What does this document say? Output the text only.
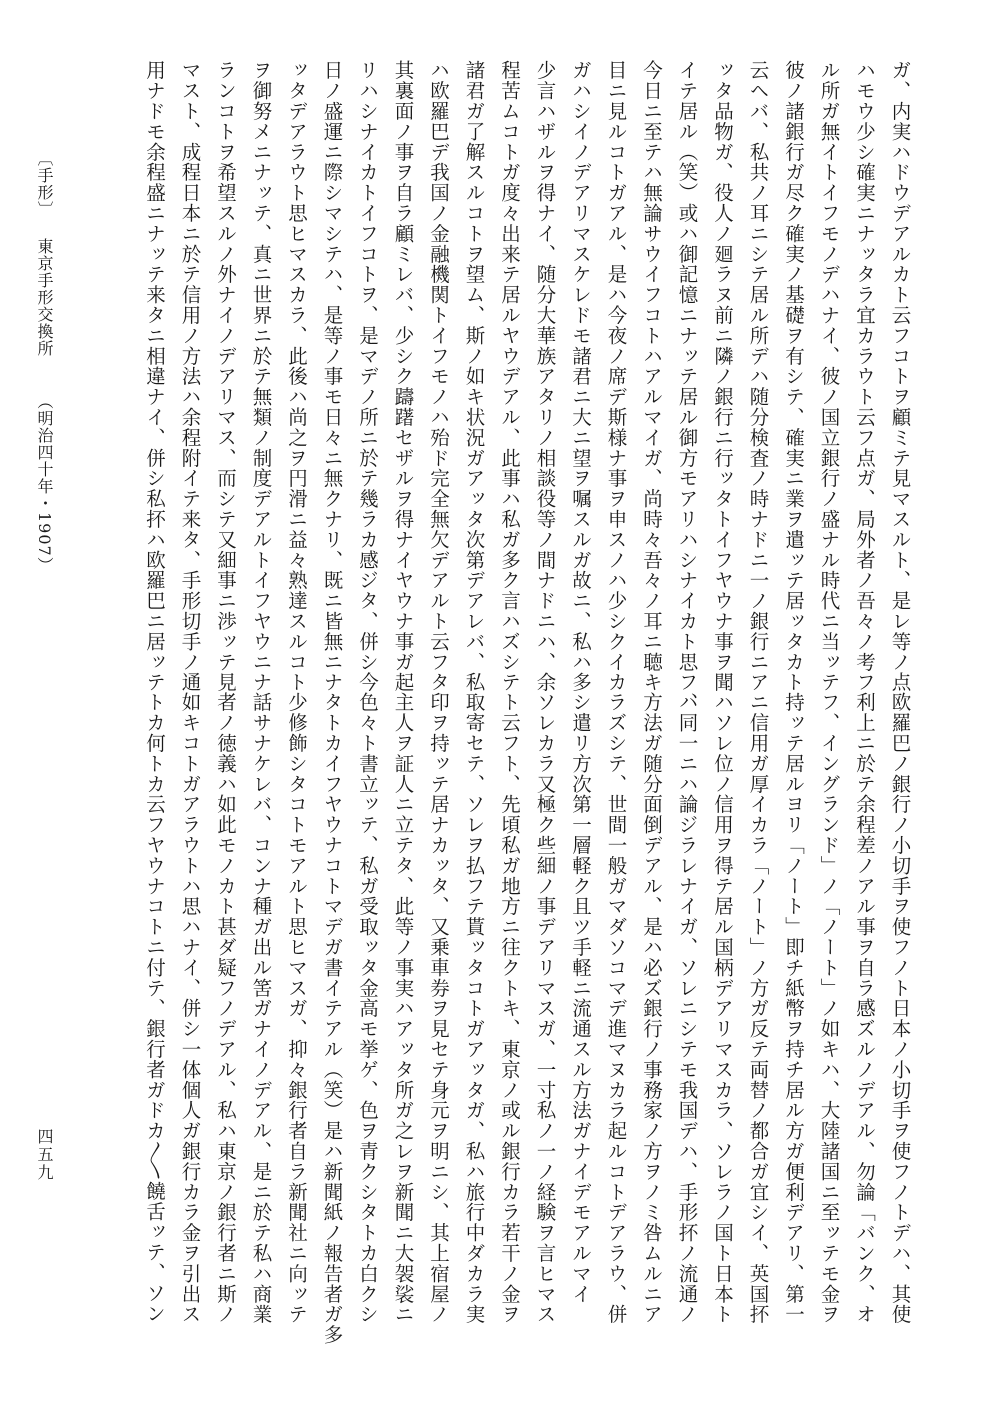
ガ、内実ハドウデアルカト云フコトヲ顧ミテ見マスルト、是レ等ノ点
ハモウ少シ確実ニナッタラ宜カラウト云フ点ガ、局外者ノ吾々ノ考フ
ル所ガ無イトイフモノデハナイ、彼ノ国立銀行ノ盛ナル時代ニ当ッテ
彼ノ諸銀行ガ尽ク確実ノ基礎ヲ有シテ、確実ニ業ヲ遣ッテ居ッタカト
云ヘバ、私共ノ耳ニシテ居ル所デハ随分検査ノ時ナドニ一ノ銀行ニア
ッタ品物ガ、役人ノ廻ラヌ前ニ隣ノ銀行ニ行ッタトイフヤウナ事ヲ聞
イテ居ル（笑）或ハ御記憶ニナッテ居ル御方モアリハシナイカト思フ、
今日ニ至テハ無論サウイフコトハアルマイガ、尚時々吾々ノ耳ニ聴キ
目ニ見ルコトガアル、是ハ今夜ノ席デ斯様ナ事ヲ申スノハ少シクイカ
ガハシイノデアリマスケレドモ諸君ニ大ニ望ヲ嘱スルガ故ニ、私ハ多
少言ハザルヲ得ナイ、随分大華族アタリノ相談役等ノ間ナドニハ、余
程苦ムコトガ度々出来テ居ルヤウデアル、此事ハ私ガ多ク言ハズシテ
諸君ガ了解スルコトヲ望ム、斯ノ如キ状況ガアッタ次第デアレバ、私
ハ欧羅巴デ我国ノ金融機関トイフモノハ殆ド完全無欠デアルト云フタ
其裏面ノ事ヲ自ラ顧ミレバ、少シク躊躇セザルヲ得ナイヤウナ事ガ起
リハシナイカトイフコトヲ、是マデノ所ニ於テ幾ラカ感ジタ、併シ今
日ノ盛運ニ際シマシテハ、是等ノ事モ日々ニ無クナリ、既ニ皆無ニナ
ッタデアラウト思ヒマスカラ、此後ハ尚之ヲ円滑ニ益々熟達スルコト
ヲ御努メニナッテ、真ニ世界ニ於テ無類ノ制度デアルトイフヤウニナ
ランコトヲ希望スルノ外ナイノデアリマス、而シテ又細事ニ渉ッテ見
マスト、成程日本ニ於テ信用ノ方法ハ余程附イテ来タ、手形切手ノ通
用ナドモ余程盛ニナッテ来タニ相違ナイ、併シ私抔ハ欧羅巴ニ居ッテ
欧羅巴ノ銀行ノ小切手ヲ使フノト日本ノ小切手ヲ使フノトデハ、其使
利上ニ於テ余程差ノアル事ヲ自ラ感ズルノデアル、勿論「バンク、オ
フ、イングランド」ノ「ノート」ノ如キハ、大陸諸国ニ至ッテモ金ヲ
持ッテ居ルヨリ「ノート」即チ紙幣ヲ持チ居ル方ガ便利デアリ、第一
ニ信用ガ厚イカラ「ノート」ノ方ガ反テ両替ノ都合ガ宜シイ、英国抔
ハソレ位ノ信用ヲ得テ居ル国柄デアリマスカラ、ソレラノ国ト日本ト
ハ同一ニハ論ジラレナイガ、ソレニシテモ我国デハ、手形抔ノ流通ノ
方法ガ随分面倒デアル、是ハ必ズ銀行ノ事務家ノ方ヲノミ咎ムルニア
ラズシテ、世間一般ガマダソコマデ進マヌカラ起ルコトデアラウ、併
シ遣リ方次第一層軽ク且ツ手軽ニ流通スル方法ガナイデモアルマイ
ソレカラ又極ク些細ノ事デアリマスガ、一寸私ノ一ノ経験ヲ言ヒマス
ト云フト、先頃私ガ地方ニ往クトキ、東京ノ或ル銀行カラ若干ノ金ヲ
取寄セテ、ソレヲ払フテ貰ッタコトガアッタガ、私ハ旅行中ダカラ実
印ヲ持ッテ居ナカッタ、又乗車券ヲ見セテ身元ヲ明ニシ、其上宿屋ノ
主人ヲ証人ニ立テタ、此等ノ事実ハアッタ所ガ之レヲ新聞ニ大袈裟ニ
色々ト書立ッテ、私ガ受取ッタ金高モ挙ゲ、色ヲ青クシタトカ白クシ
タトカイフヤウナコトマデガ書イテアル（笑）是ハ新聞紙ノ報告者ガ多
少修飾シタコトモアルト思ヒマスガ、抑々銀行者自ラ新聞社ニ向ッテ
話サナケレバ、コンナ種ガ出ル筈ガナイノデアル、是ニ於テ私ハ商業
者ノ徳義ハ如此モノカト甚ダ疑フノデアル、私ハ東京ノ銀行者ニ斯ノ
如キコトガアラウトハ思ハナイ、併シ一体個人ガ銀行カラ金ヲ引出ス
トカ何トカ云フヤウナコトニ付テ、銀行者ガドカ〳〵饒舌ッテ、ソン
〔手形〕
東京手形交換所
（明治四十年・1907）
四五九
